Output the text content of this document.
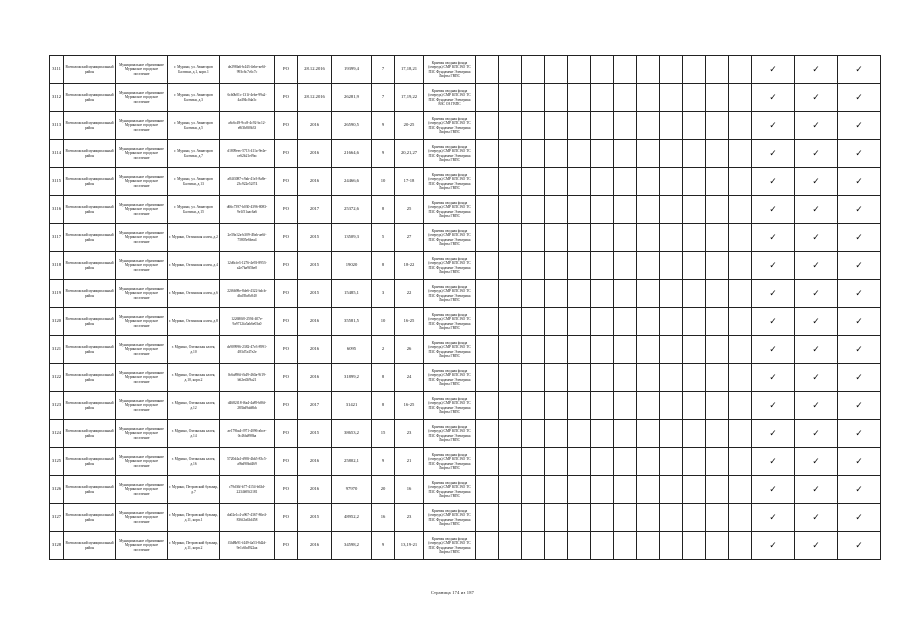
3111	Всеволожский муниципальный район	Муниципальное образование Муринское городское поселение	г. Мурино, ул. Авиаторов Балтики, д.1, корп.1	de298fa6-b443-4ebe-ae6f-993c6c7c6c7c	РО	28.12.2016	19399,4	7	17,18,21	Краевая сводная фонда (очередь) СМР КПС ВО ТС ПЗС Фундамент Электрика Лифты ГВПС													✓	✓	✓
3112	Всеволожский муниципальный район	Муниципальное образование Муринское городское поселение	г. Мурино, ул. Авиаторов Балтики, д.3	6cb0b01c-131f-4ebe-99a2-4a494c0da3c	РО	28.12.2016	26281,9	7	17,19,22	Краевая сводная фонда (очередь) СМР КПС ВО ТС ПЗС Фундамент Электрика ВЗС ОЗ ГВПС													✓	✓	✓
3113	Всеволожский муниципальный район	Муниципальное образование Муринское городское поселение	г. Мурино, ул. Авиаторов Балтики, д.5	a6c6c49-9cc8-4c92-bc12-e8f3b8f0b33	РО	2016	26590,5	9	20-25	Краевая сводная фонда (очередь) СМР КПС ВО ТС ПЗС Фундамент Электрика Лифты ГВПС													✓	✓	✓
3114	Всеволожский муниципальный район	Муниципальное образование Муринское городское поселение	г. Мурино, ул. Авиаторов Балтики, д.7	d1809eec-5713-411a-9e4e-ce62b21ef9ac	РО	2016	21664,6	9	20,21,27	Краевая сводная фонда (очередь) СМР КПС ВО ТС ПЗС Фундамент Электрика Лифты ГВПС													✓	✓	✓
3115	Всеволожский муниципальный район	Муниципальное образование Муринское городское поселение	г. Мурино, ул. Авиаторов Балтики, д.13	a84f3087-c9ab-41e3-8a8e-23c922e52f74	РО	2016	24466,6	10	17-18	Краевая сводная фонда (очередь) СМР КПС ВО ТС ПЗС Фундамент Электрика Лифты ГВПС													✓	✓	✓
3116	Всеволожский муниципальный район	Муниципальное образование Муринское городское поселение	г. Мурино, ул. Авиаторов Балтики, д.15	d66c7397-b030-4396-8083-9e1f51aac6a6	РО	2017	25372,6	8	25	Краевая сводная фонда (очередь) СМР КПС ВО ТС ПЗС Фундамент Электрика Лифты ГВПС													✓	✓	✓
3117	Всеволожский муниципальный район	Муниципальное образование Муринское городское поселение	г. Мурино, Охтинская аллея, д.2	2e39a12a-b309-49ab-ae6f-75805e6bea4	РО	2015	13509,3	5	27	Краевая сводная фонда (очередь) СМР КПС ВО ТС ПЗС Фундамент Электрика Лифты ГВПС													✓	✓	✓
3118	Всеволожский муниципальный район	Муниципальное образование Муринское городское поселение	г. Мурино, Охтинская аллея, д.4	12d6cfe3-1276-4e93-8953-a2e7ba9f5be0	РО	2015	19020	8	18-22	Краевая сводная фонда (очередь) СМР КПС ВО ТС ПЗС Фундамент Электрика Лифты ГВПС													✓	✓	✓
3119	Всеволожский муниципальный район	Муниципальное образование Муринское городское поселение	г. Мурино, Охтинская аллея, д.6	22f6b98e-8de6-4322-bdcb-dbd39a8c840	РО	2015	15485,1	3	22	Краевая сводная фонда (очередь) СМР КПС ВО ТС ПЗС Фундамент Электрика Лифты ГВПС													✓	✓	✓
3120	Всеволожский муниципальный район	Муниципальное образование Муринское городское поселение	г. Мурино, Охтинская аллея, д.8	122680f0-2594-407e-9a9712fa5ab6e03a0	РО	2016	35581,5	10	16-25	Краевая сводная фонда (очередь) СМР КПС ВО ТС ПЗС Фундамент Электрика Лифты ГВПС													✓	✓	✓
3121	Всеволожский муниципальный район	Муниципальное образование Муринское городское поселение	г. Мурино, Охтинская аллея, д.10	ds909996-2382-47e3-8991-483d7a47e2e	РО	2016	6095	2	26	Краевая сводная фонда (очередь) СМР КПС ВО ТС ПЗС Фундамент Электрика Лифты ГВПС													✓	✓	✓
3122	Всеволожский муниципальный район	Муниципальное образование Муринское городское поселение	г. Мурино, Охтинская аллея, д.10, корп.2	0c6a896f-fb49-460a-9f19-b62ed3f9a21	РО	2016	31899,2	8	24	Краевая сводная фонда (очередь) СМР КПС ВО ТС ПЗС Фундамент Электрика Лифты ГВПС													✓	✓	✓
3123	Всеволожский муниципальный район	Муниципальное образование Муринское городское поселение	г. Мурино, Охтинская аллея, д.12	d4682f18-f6a4-4a89-b86f-283bd9ab8bb	РО	2017	31421	8	16-25	Краевая сводная фонда (очередь) СМР КПС ВО ТС ПЗС Фундамент Электрика Лифты ГВПС													✓	✓	✓
3124	Всеволожский муниципальный район	Муниципальное образование Муринское городское поселение	г. Мурино, Охтинская аллея, д.14	ae179ba4-f971-4096-abce-0c46fa898ba	РО	2015	38653,2	15	23	Краевая сводная фонда (очередь) СМР КПС ВО ТС ПЗС Фундамент Электрика Лифты ГВПС													✓	✓	✓
3125	Всеволожский муниципальный район	Муниципальное образование Муринское городское поселение	г. Мурино, Охтинская аллея, д.16	5720d4a1-d98f-4bb5-83c5-a9bd90bd469	РО	2016	25802,1	9	21	Краевая сводная фонда (очередь) СМР КПС ВО ТС ПЗС Фундамент Электрика Лифты ГВПС													✓	✓	✓
3126	Всеволожский муниципальный район	Муниципальное образование Муринское городское поселение	г. Мурино, Петровский бульвар, д.7	c79d36f-b77-4154-b63d-2234b95f2181	РО	2016	97970	20	16	Краевая сводная фонда (очередь) СМР КПС ВО ТС ПЗС Фундамент Электрика Лифты ГВПС													✓	✓	✓
3127	Всеволожский муниципальный район	Муниципальное образование Муринское городское поселение	г. Мурино, Петровский бульвар, д.11, корп.1	da02e1c4-a967-4367-86e4-836f2a63d458	РО	2015	48952,2	16	23	Краевая сводная фонда (очередь) СМР КПС ВО ТС ПЗС Фундамент Электрика Лифты ГВПС													✓	✓	✓
3128	Всеволожский муниципальный район	Муниципальное образование Муринское городское поселение	г. Мурино, Петровский бульвар, д.11, корп.2	f3fd8b91-f449-4a53-8d2d-9e1c6bd922aa	РО	2016	34598,2	9	13,19-21	Краевая сводная фонда (очередь) СМР КПС ВО ТС ПЗС Фундамент Электрика Лифты ГВПС													✓	✓	✓
Страница 174 из 187
